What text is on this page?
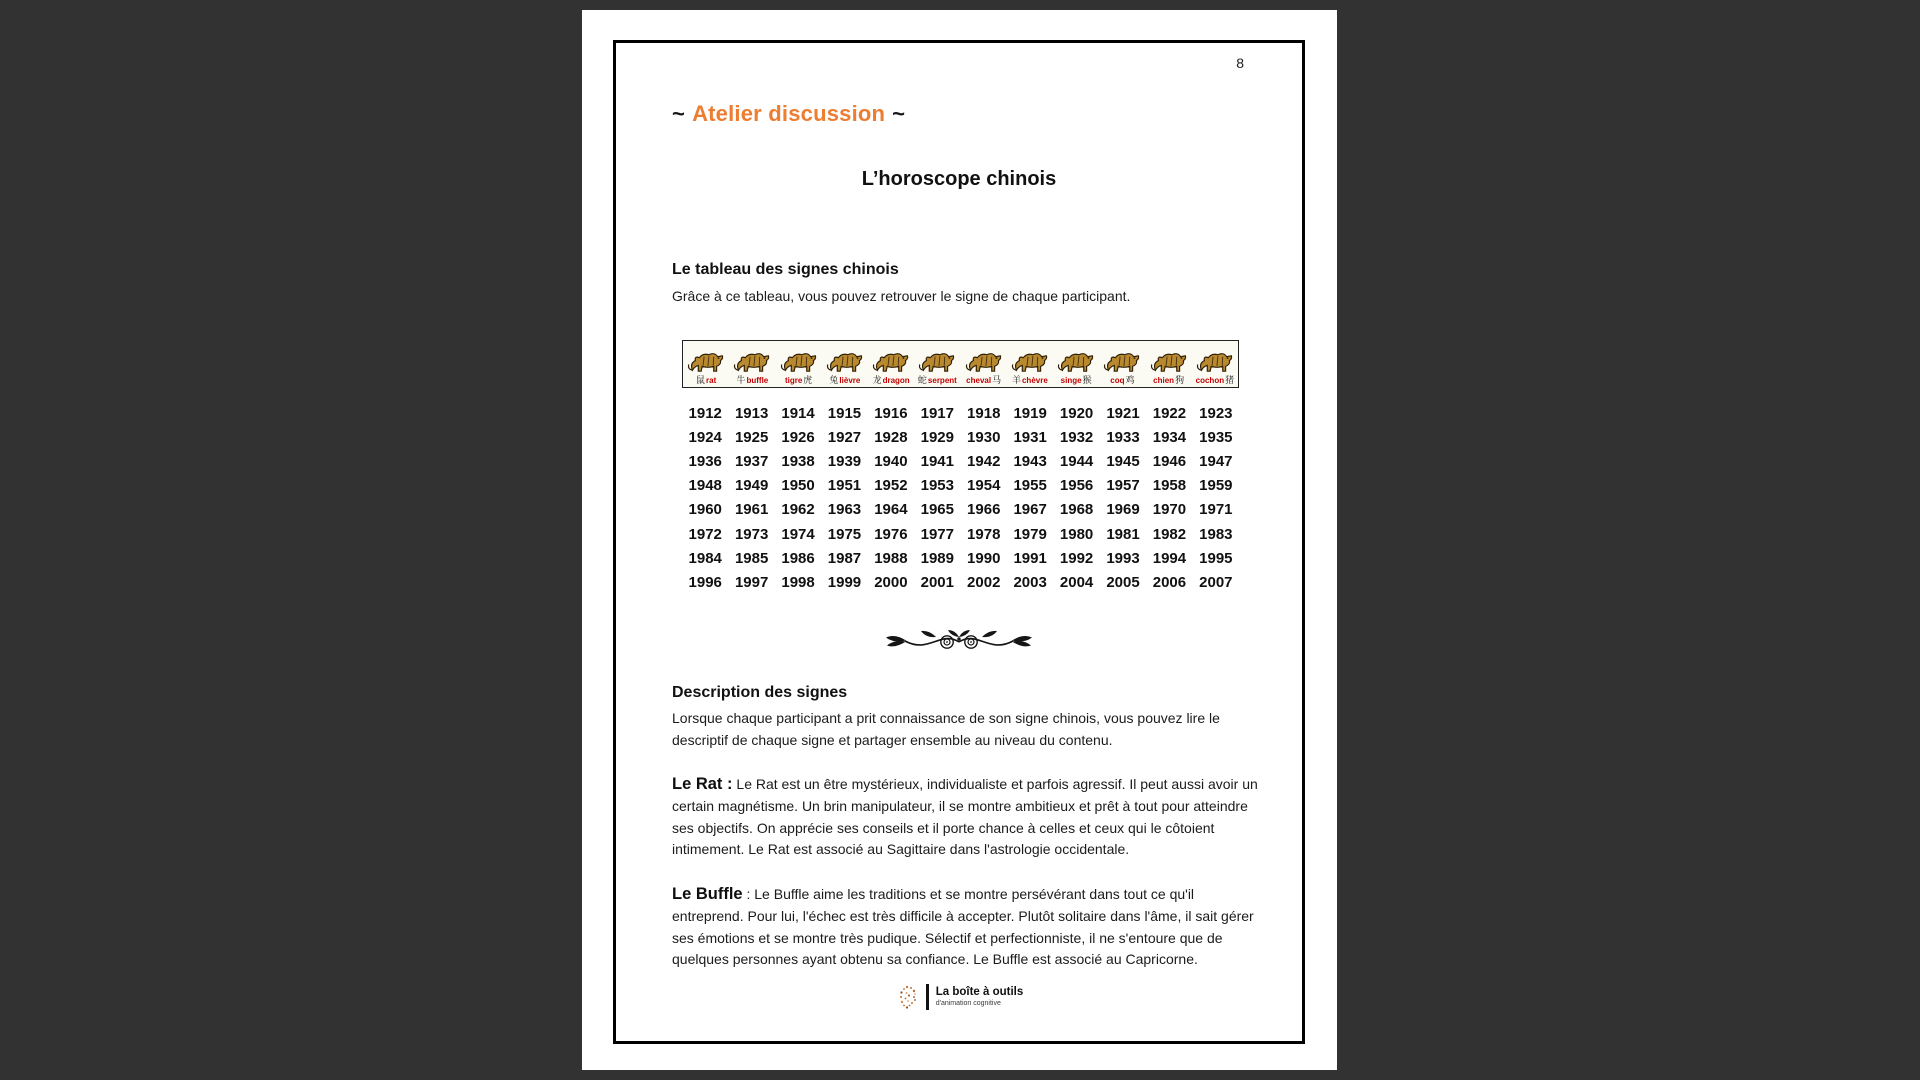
8
~ Atelier discussion ~
L’horoscope chinois
Le tableau des signes chinois
Grâce à ce tableau, vous pouvez retrouver le signe de chaque participant.
鼠 rat 牛 buffle tigre 虎 兔 lièvre 龙 dragon 蛇 serpent cheval 马 羊 chèvre singe 猴 coq 鸡 chien 狗 cochon 猪
1912 1913 1914 1915 1916 1917 1918 1919 1920 1921 1922 1923
1924 1925 1926 1927 1928 1929 1930 1931 1932 1933 1934 1935
1936 1937 1938 1939 1940 1941 1942 1943 1944 1945 1946 1947
1948 1949 1950 1951 1952 1953 1954 1955 1956 1957 1958 1959
1960 1961 1962 1963 1964 1965 1966 1967 1968 1969 1970 1971
1972 1973 1974 1975 1976 1977 1978 1979 1980 1981 1982 1983
1984 1985 1986 1987 1988 1989 1990 1991 1992 1993 1994 1995
1996 1997 1998 1999 2000 2001 2002 2003 2004 2005 2006 2007
Description des signes
Lorsque chaque participant a prit connaissance de son signe chinois, vous pouvez lire le descriptif de chaque signe et partager ensemble au niveau du contenu.
Le Rat : Le Rat est un être mystérieux, individualiste et parfois agressif. Il peut aussi avoir un certain magnétisme. Un brin manipulateur, il se montre ambitieux et prêt à tout pour atteindre ses objectifs. On apprécie ses conseils et il porte chance à celles et ceux qui le côtoient intimement. Le Rat est associé au Sagittaire dans l'astrologie occidentale.
Le Buffle : Le Buffle aime les traditions et se montre persévérant dans tout ce qu'il entreprend. Pour lui, l'échec est très difficile à accepter. Plutôt solitaire dans l'âme, il sait gérer ses émotions et se montre très pudique. Sélectif et perfectionniste, il ne s'entoure que de quelques personnes ayant obtenu sa confiance. Le Buffle est associé au Capricorne.
La boîte à outils
d'animation cognitive
